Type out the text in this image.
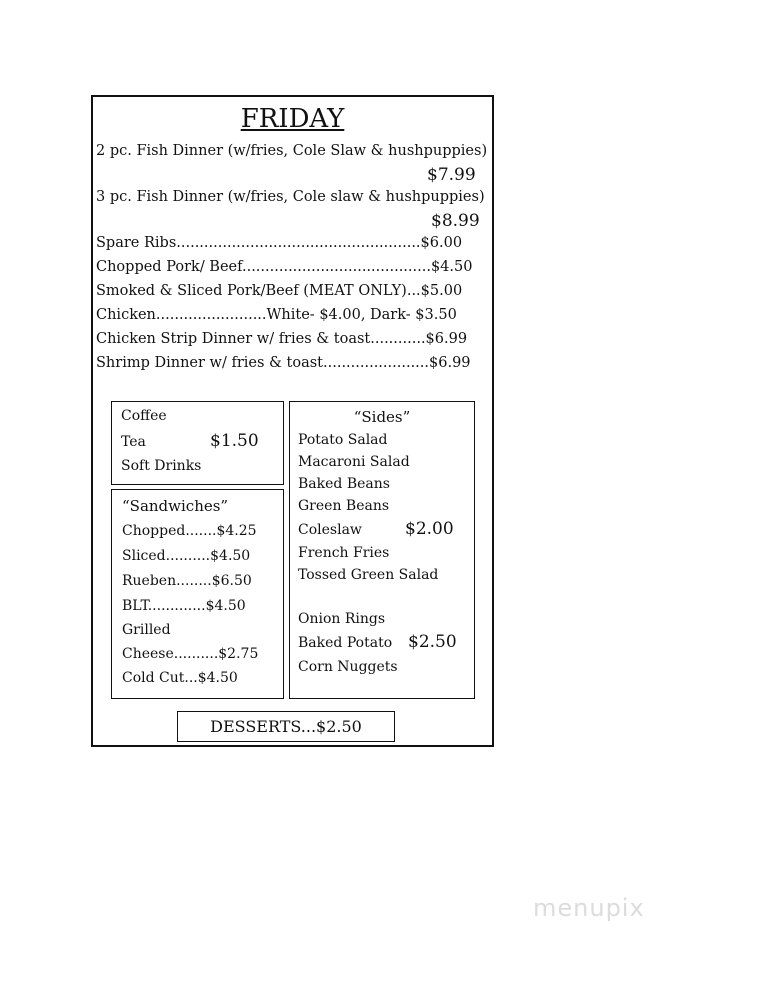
FRIDAY
2 pc. Fish Dinner (w/fries, Cole Slaw & hushpuppies)
$7.99
3 pc. Fish Dinner (w/fries, Cole slaw & hushpuppies)
$8.99
Spare Ribs.....................................................$6.00
Chopped Pork/ Beef.........................................$4.50
Smoked & Sliced Pork/Beef (MEAT ONLY)...$5.00
Chicken........................White- $4.00, Dark- $3.50
Chicken Strip Dinner w/ fries & toast............$6.99
Shrimp Dinner w/ fries & toast.......................$6.99
Coffee
Tea	$1.50
Soft Drinks
“Sandwiches”
Chopped.......$4.25
Sliced..........$4.50
Rueben........$6.50
BLT.............$4.50
Grilled
Cheese..........$2.75
Cold Cut...$4.50
“Sides”
Potato Salad
Macaroni Salad
Baked Beans
Green Beans
Coleslaw	$2.00
French Fries
Tossed Green Salad
Onion Rings
Baked Potato $2.50
Corn Nuggets
DESSERTS...$2.50
menupix
